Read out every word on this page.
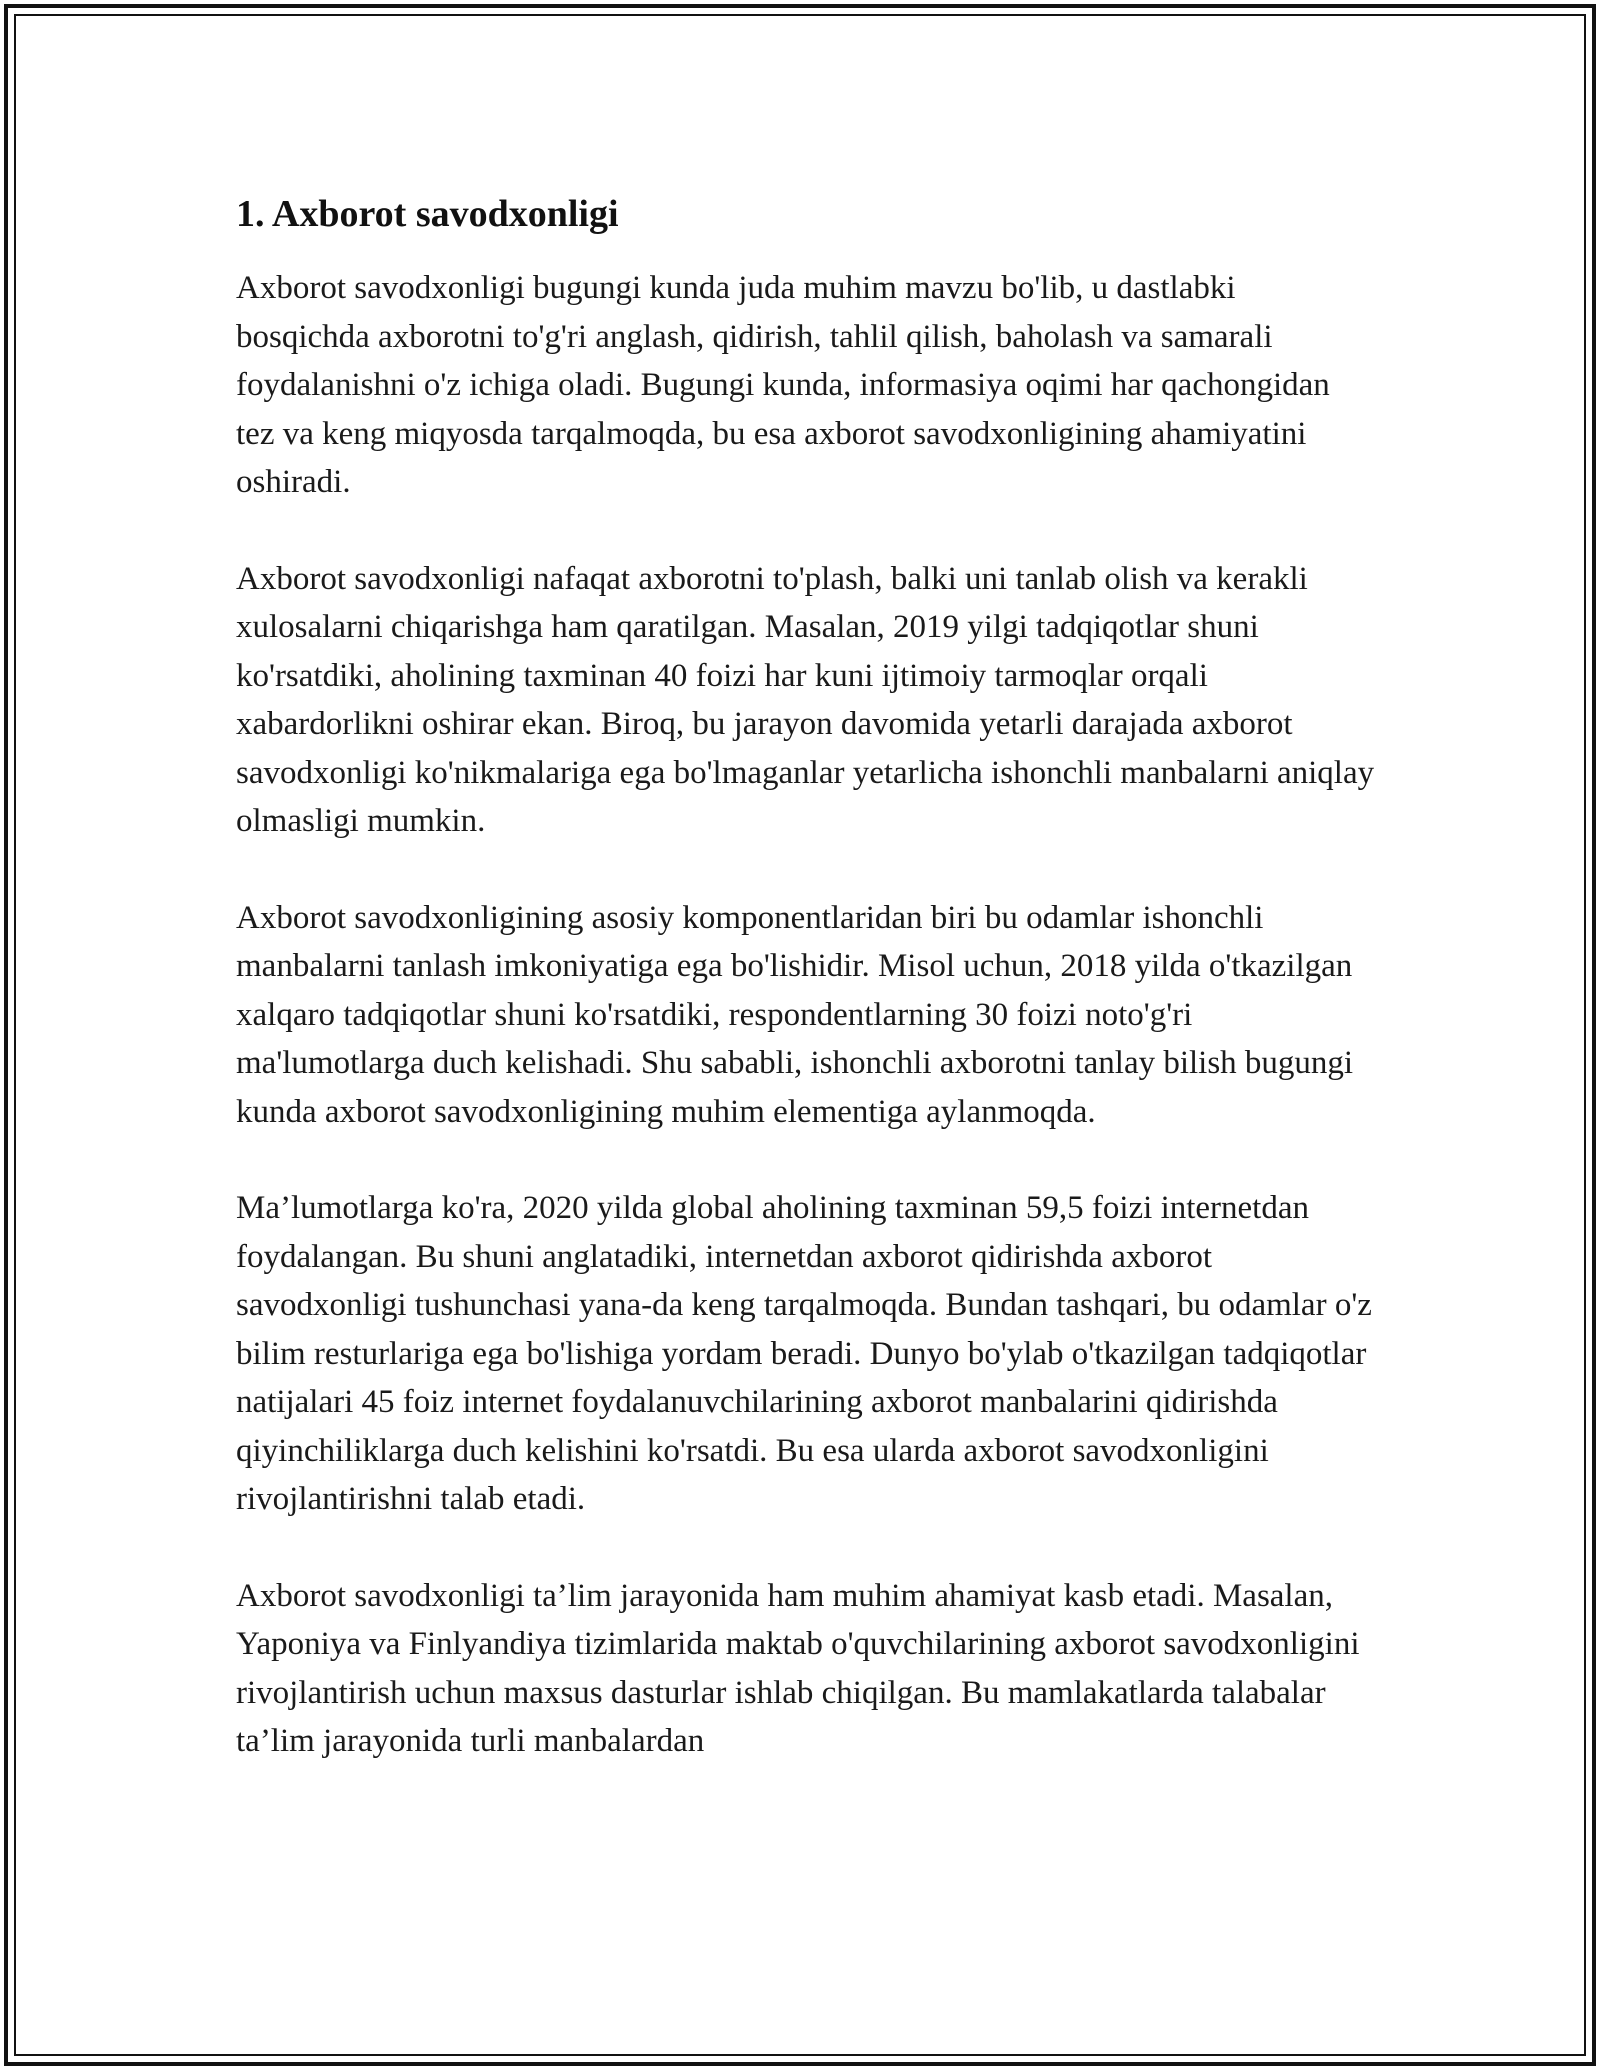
1. Axborot savodxonligi

Axborot savodxonligi bugungi kunda juda muhim mavzu bo'lib, u dastlabki bosqichda axborotni to'g'ri anglash, qidirish, tahlil qilish, baholash va samarali foydalanishni o'z ichiga oladi. Bugungi kunda, informasiya oqimi har qachongidan tez va keng miqyosda tarqalmoqda, bu esa axborot savodxonligining ahamiyatini oshiradi.

Axborot savodxonligi nafaqat axborotni to'plash, balki uni tanlab olish va kerakli xulosalarni chiqarishga ham qaratilgan. Masalan, 2019 yilgi tadqiqotlar shuni ko'rsatdiki, aholining taxminan 40 foizi har kuni ijtimoiy tarmoqlar orqali xabardorlikni oshirar ekan. Biroq, bu jarayon davomida yetarli darajada axborot savodxonligi ko'nikmalariga ega bo'lmaganlar yetarlicha ishonchli manbalarni aniqlay olmasligi mumkin.

Axborot savodxonligining asosiy komponentlaridan biri bu odamlar ishonchli manbalarni tanlash imkoniyatiga ega bo'lishidir. Misol uchun, 2018 yilda o'tkazilgan xalqaro tadqiqotlar shuni ko'rsatdiki, respondentlarning 30 foizi noto'g'ri ma'lumotlarga duch kelishadi. Shu sababli, ishonchli axborotni tanlay bilish bugungi kunda axborot savodxonligining muhim elementiga aylanmoqda.

Ma’lumotlarga ko'ra, 2020 yilda global aholining taxminan 59,5 foizi internetdan foydalangan. Bu shuni anglatadiki, internetdan axborot qidirishda axborot savodxonligi tushunchasi yana-da keng tarqalmoqda. Bundan tashqari, bu odamlar o'z bilim resturlariga ega bo'lishiga yordam beradi. Dunyo bo'ylab o'tkazilgan tadqiqotlar natijalari 45 foiz internet foydalanuvchilarining axborot manbalarini qidirishda qiyinchiliklarga duch kelishini ko'rsatdi. Bu esa ularda axborot savodxonligini rivojlantirishni talab etadi.

Axborot savodxonligi ta’lim jarayonida ham muhim ahamiyat kasb etadi. Masalan, Yaponiya va Finlyandiya tizimlarida maktab o'quvchilarining axborot savodxonligini rivojlantirish uchun maxsus dasturlar ishlab chiqilgan. Bu mamlakatlarda talabalar ta’lim jarayonida turli manbalardan
